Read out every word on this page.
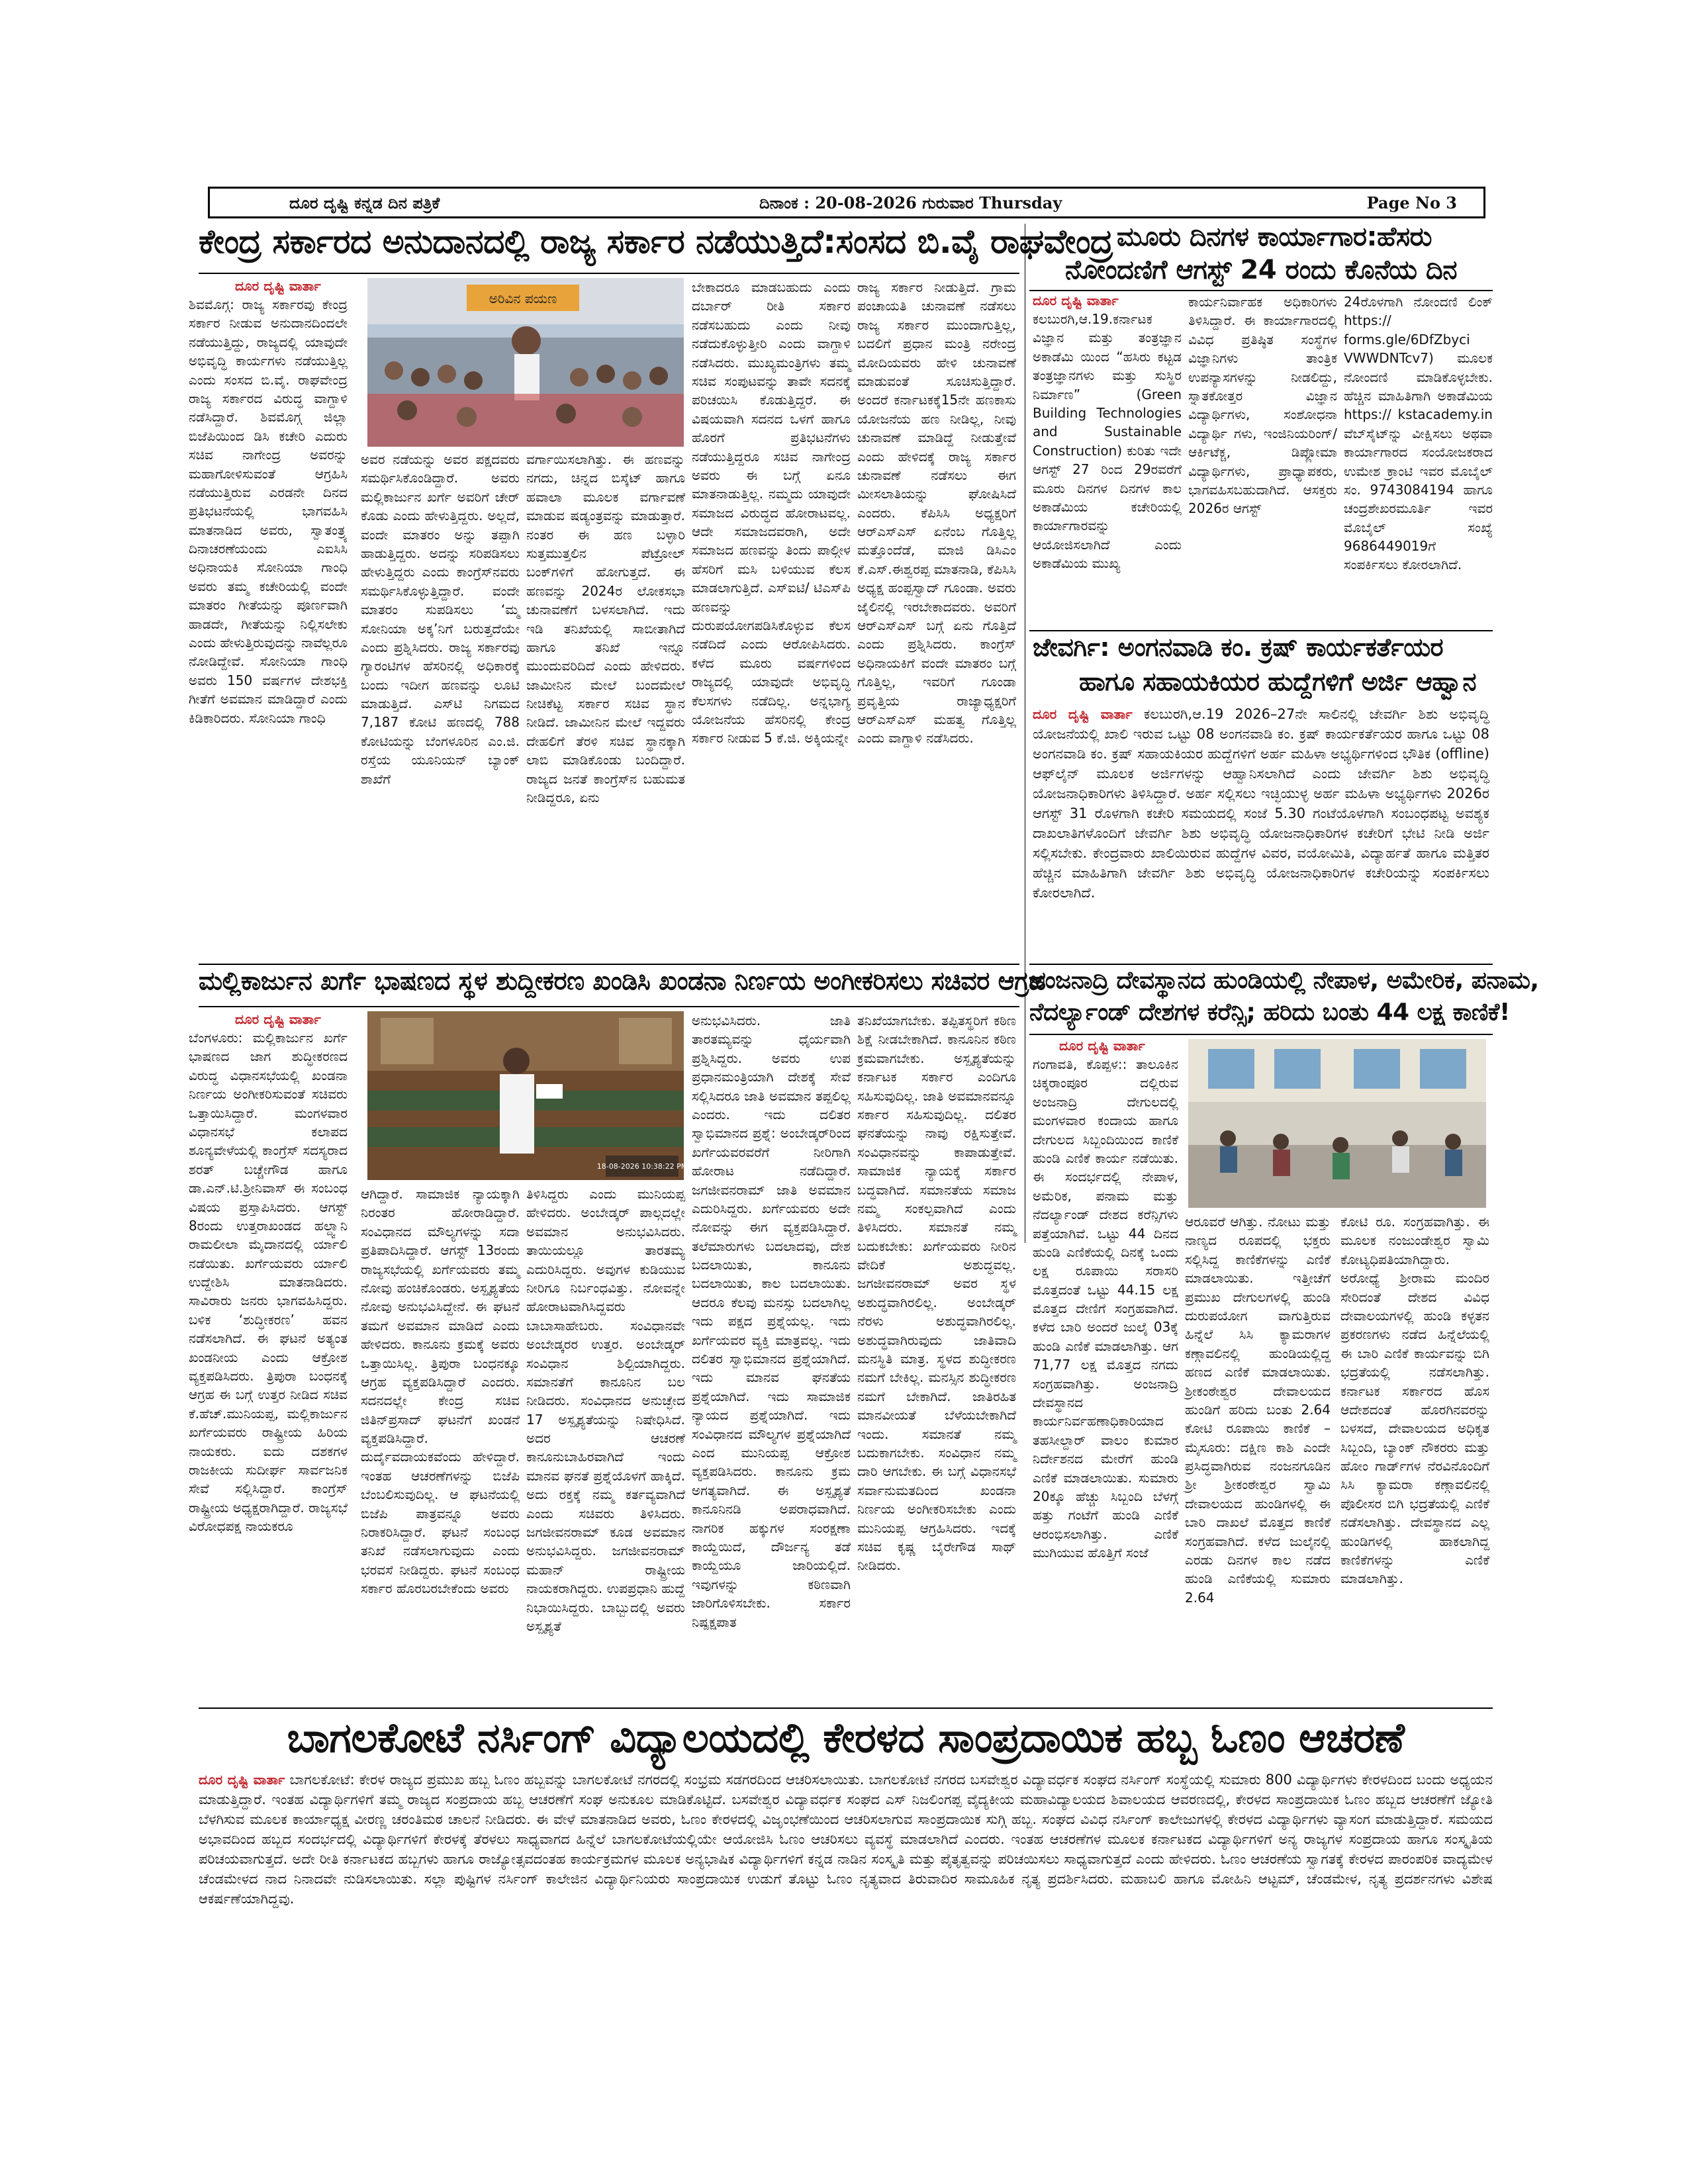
ದೂರ ದೃಷ್ಟಿ ಕನ್ನಡ ದಿನ ಪತ್ರಿಕೆ	ದಿನಾಂಕ : 20-08-2026 ಗುರುವಾರ Thursday	Page No 3
ಕೇಂದ್ರ ಸರ್ಕಾರದ ಅನುದಾನದಲ್ಲಿ ರಾಜ್ಯ ಸರ್ಕಾರ ನಡೆಯುತ್ತಿದೆ:ಸಂಸದ ಬಿ.ವೈ ರಾಘವೇಂದ್ರ
ದೂರ ದೃಷ್ಟಿ ವಾರ್ತಾ
ಶಿವಮೊಗ್ಗ: ರಾಜ್ಯ ಸರ್ಕಾರವು ಕೇಂದ್ರ ಸರ್ಕಾರ ನೀಡುವ ಅನುದಾನದಿಂದಲೇ ನಡೆಯುತ್ತಿದ್ದು, ರಾಜ್ಯದಲ್ಲಿ ಯಾವುದೇ ಅಭಿವೃದ್ಧಿ ಕಾರ್ಯಗಳು ನಡೆಯುತ್ತಿಲ್ಲ ಎಂದು ಸಂಸದ ಬಿ.ವೈ. ರಾಘವೇಂದ್ರ ರಾಜ್ಯ ಸರ್ಕಾರದ ವಿರುದ್ಧ ವಾಗ್ದಾಳಿ ನಡೆಸಿದ್ದಾರೆ. ಶಿವಮೊಗ್ಗ ಜಿಲ್ಲಾ ಬಿಜೆಪಿಯಿಂದ ಡಿಸಿ ಕಚೇರಿ ಎದುರು ಸಚಿವ ನಾಗೇಂದ್ರ ಅವರನ್ನು ಮಹಾಗೋಳಿಸುವಂತೆ ಆಗ್ರಹಿಸಿ ನಡೆಯುತ್ತಿರುವ ಎರಡನೇ ದಿನದ ಪ್ರತಿಭಟನೆಯಲ್ಲಿ ಭಾಗವಹಿಸಿ ಮಾತನಾಡಿದ ಅವರು, ಸ್ವಾತಂತ್ರ್ಯ ದಿನಾಚರಣೆಯಂದು ಎಐಸಿಸಿ ಅಧಿನಾಯಕಿ ಸೋನಿಯಾ ಗಾಂಧಿ ಅವರು ತಮ್ಮ ಕಚೇರಿಯಲ್ಲಿ ವಂದೇ ಮಾತರಂ ಗೀತೆಯನ್ನು ಪೂರ್ಣವಾಗಿ ಹಾಡದೇ, ಗೀತೆಯನ್ನು ನಿಲ್ಲಿಸಲೇಕು ಎಂದು ಹೇಳುತ್ತಿರುವುದನ್ನು ನಾವೆಲ್ಲರೂ ನೋಡಿದ್ದೇವೆ. ಸೋನಿಯಾ ಗಾಂಧಿ ಅವರು 150 ವರ್ಷಗಳ ದೇಶಭಕ್ತಿ ಗೀತೆಗೆ ಅವಮಾನ ಮಾಡಿದ್ದಾರೆ ಎಂದು ಕಿಡಿಕಾರಿದರು. ಸೋನಿಯಾ ಗಾಂಧಿ
ಅರಿವಿನ ಪಯಣ
ಅವರ ನಡೆಯನ್ನು ಅವರ ಪಕ್ಷದವರು ಸಮರ್ಥಿಸಿಕೊಂಡಿದ್ದಾರೆ. ಅವರು ಮಲ್ಲಿಕಾರ್ಜುನ ಖರ್ಗೆ ಅವರಿಗೆ ಚೇರ್ ಕೊಡು ಎಂದು ಹೇಳುತ್ತಿದ್ದರು. ಅಲ್ಲದೆ, ವಂದೇ ಮಾತರಂ ಅನ್ನು ತಪ್ಪಾಗಿ ಹಾಡುತ್ತಿದ್ದರು. ಅದನ್ನು ಸರಿಪಡಿಸಲು ಹೇಳುತ್ತಿದ್ದರು ಎಂದು ಕಾಂಗ್ರೆಸ್‌ನವರು ಸಮರ್ಥಿಸಿಕೊಳ್ಳುತ್ತಿದ್ದಾರೆ. ವಂದೇ ಮಾತರಂ ಸುಪಡಿಸಲು ‘ಮ್ಮ ಸೋನಿಯಾ ಅಕ್ಕ’ನಿಗೆ ಬರುತ್ತದೆಯೇ ಎಂದು ಪ್ರಶ್ನಿಸಿದರು. ರಾಜ್ಯ ಸರ್ಕಾರವು ಗ್ಯಾರಂಟಿಗಳ ಹೆಸರಿನಲ್ಲಿ ಅಧಿಕಾರಕ್ಕೆ ಬಂದು ಇದೀಗ ಹಣವನ್ನು ಲೂಟಿ ಮಾಡುತ್ತಿದೆ. ಎಸ್‌ಟಿ ನಿಗಮದ 7,187 ಕೋಟಿ ಹಣದಲ್ಲಿ 788 ಕೋಟಿಯನ್ನು ಬೆಂಗಳೂರಿನ ಎಂ.ಜಿ. ರಸ್ತೆಯ ಯೂನಿಯನ್ ಬ್ಯಾಂಕ್ ಶಾಖೆಗೆ
ವರ್ಗಾಯಿಸಲಾಗಿತ್ತು. ಈ ಹಣವನ್ನು ನಗದು, ಚಿನ್ನದ ಬಿಸ್ಕೆಟ್ ಹಾಗೂ ಹವಾಲಾ ಮೂಲಕ ವರ್ಗಾವಣೆ ಮಾಡುವ ಷಡ್ಯಂತ್ರವನ್ನು ಮಾಡುತ್ತಾರೆ. ನಂತರ ಈ ಹಣ ಬಳ್ಳಾರಿ ಸುತ್ತಮುತ್ತಲಿನ ಪೆಟ್ರೋಲ್ ಬಂಕ್‌ಗಳಿಗೆ ಹೋಗುತ್ತದೆ. ಈ ಹಣವನ್ನು 2024ರ ಲೋಕಸಭಾ ಚುನಾವಣೆಗೆ ಬಳಸಲಾಗಿದೆ. ಇದು ಇಡಿ ತನಿಖೆಯಲ್ಲಿ ಸಾಬೀತಾಗಿದೆ ಹಾಗೂ ತನಿಖೆ ಇನ್ನೂ ಮುಂದುವರಿದಿದೆ ಎಂದು ಹೇಳಿದರು. ಜಾಮೀನಿನ ಮೇಲೆ ಬಂದಮೇಲೆ ನೀಚಿಕೆಟ್ಟ ಸರ್ಕಾರ ಸಚಿವ ಸ್ಥಾನ ನೀಡಿದೆ. ಜಾಮೀನಿನ ಮೇಲೆ ಇದ್ದವರು ದೇಹಲಿಗೆ ತೆರಳಿ ಸಚಿವ ಸ್ಥಾನಕ್ಕಾಗಿ ಲಾಬಿ ಮಾಡಿಕೊಂಡು ಬಂದಿದ್ದಾರೆ. ರಾಜ್ಯದ ಜನತೆ ಕಾಂಗ್ರೆಸ್‌ನ ಬಹುಮತ ನೀಡಿದ್ದರೂ, ಏನು
ಬೇಕಾದರೂ ಮಾಡಬಹುದು ಎಂದು ದರ್ಬಾರ್ ರೀತಿ ಸರ್ಕಾರ ನಡೆಸಬಹುದು ಎಂದು ನೀವು ನಡೆದುಕೊಳ್ಳುತ್ತೀರಿ ಎಂದು ವಾಗ್ದಾಳಿ ನಡೆಸಿದರು. ಮುಖ್ಯಮಂತ್ರಿಗಳು ತಮ್ಮ ಸಚಿವ ಸಂಪುಟವನ್ನು ತಾವೇ ಸದನಕ್ಕೆ ಪರಿಚಯಿಸಿ ಕೊಡುತ್ತಿದ್ದರೆ. ಈ ವಿಷಯವಾಗಿ ಸದನದ ಒಳಗೆ ಹಾಗೂ ಹೊರಗೆ ಪ್ರತಿಭಟನೆಗಳು ನಡೆಯುತ್ತಿದ್ದರೂ ಸಚಿವ ನಾಗೇಂದ್ರ ಅವರು ಈ ಬಗ್ಗೆ ಏನೂ ಮಾತನಾಡುತ್ತಿಲ್ಲ. ನಮ್ಮದು ಯಾವುದೇ ಸಮಾಜದ ವಿರುದ್ಧದ ಹೋರಾಟವಲ್ಲ. ಆದೇ ಸಮಾಜದವರಾಗಿ, ಅದೇ ಸಮಾಜದ ಹಣವನ್ನು ತಿಂದು ಪಾಲ್ಗೀಳ ಹೆಸರಿಗೆ ಮಸಿ ಬಳಿಯುವ ಕೆಲಸ ಮಾಡಲಾಗುತ್ತಿದೆ. ಎಸ್‌ಐಟಿ/ ಟಿಎಸ್‌ಪಿ ಹಣವನ್ನು ದುರುಪಯೋಗಪಡಿಸಿಕೊಳ್ಳುವ ಕೆಲಸ ನಡೆದಿದೆ ಎಂದು ಆರೋಪಿಸಿದರು. ಕಳೆದ ಮೂರು ವರ್ಷಗಳಿಂದ ರಾಜ್ಯದಲ್ಲಿ ಯಾವುದೇ ಅಭಿವೃದ್ಧಿ ಕೆಲಸಗಳು ನಡೆದಿಲ್ಲ. ಅನ್ನಭಾಗ್ಯ ಯೋಜನೆಯ ಹೆಸರಿನಲ್ಲಿ ಕೇಂದ್ರ ಸರ್ಕಾರ ನೀಡುವ 5 ಕೆ.ಜಿ. ಅಕ್ಕಿಯನ್ನೇ
ರಾಜ್ಯ ಸರ್ಕಾರ ನೀಡುತ್ತಿದೆ. ಗ್ರಾಮ ಪಂಚಾಯತಿ ಚುನಾವಣೆ ನಡೆಸಲು ರಾಜ್ಯ ಸರ್ಕಾರ ಮುಂದಾಗುತ್ತಿಲ್ಲ, ಬದಲಿಗೆ ಪ್ರಧಾನ ಮಂತ್ರಿ ನರೇಂದ್ರ ಮೋದಿಯವರು ಹೇಳಿ ಚುನಾವಣೆ ಮಾಡುವಂತೆ ಸೂಚಿಸುತ್ತಿದ್ದಾರೆ. ಅಂದರೆ ಕರ್ನಾಟಕಕ್ಕೆ15ನೇ ಹಣಕಾಸು ಯೋಜನೆಯ ಹಣ ನೀಡಿಲ್ಲ, ನೀವು ಚುನಾವಣೆ ಮಾಡಿದ್ದೆ ನೀಡುತ್ತೇವೆ ಎಂದು ಹೇಳಿದಕ್ಕೆ ರಾಜ್ಯ ಸರ್ಕಾರ ಚುನಾವಣೆ ನಡೆಸಲು ಈಗ ಮೀಸಲಾತಿಯನ್ನು ಘೋಷಿಸಿದೆ ಎಂದರು. ಕೆಪಿಸಿಸಿ ಅಧ್ಯಕ್ಷರಿಗೆ ಆರ್‌ಎಸ್‌ಎಸ್ ಏನೆಂಬ ಗೊತ್ತಿಲ್ಲ ಮತ್ತೊಂದೆಡೆ, ಮಾಜಿ ಡಿಸಿಎಂ ಕೆ.ಎಸ್.ಈಶ್ವರಪ್ಪ ಮಾತನಾಡಿ, ಕೆಪಿಸಿಸಿ ಅಧ್ಯಕ್ಷ ಹಂಪ್ಪಸ್ವಾದ್ ಗೂಂಡಾ. ಅವರು ಜೈಲಿನಲ್ಲಿ ಇರಬೇಕಾದವರು. ಅವರಿಗೆ ಆರ್‌ಎಸ್‌ಎಸ್ ಬಗ್ಗೆ ಏನು ಗೊತ್ತಿದೆ ಎಂದು ಪ್ರಶ್ನಿಸಿದರು. ಕಾಂಗ್ರೆಸ್ ಅಧಿನಾಯಕಿಗೆ ವಂದೇ ಮಾತರಂ ಬಗ್ಗೆ ಗೊತ್ತಿಲ್ಲ, ಇವರಿಗೆ ಗೂಂಡಾ ಪ್ರವೃತ್ತಿಯ ರಾಜ್ಯಾಧ್ಯಕ್ಷರಿಗೆ ಆರ್‌ಎಸ್‌ಎಸ್ ಮಹತ್ವ ಗೊತ್ತಿಲ್ಲ ಎಂದು ವಾಗ್ದಾಳಿ ನಡೆಸಿದರು.
ಮೂರು ದಿನಗಳ ಕಾರ್ಯಾಗಾರ:ಹೆಸರು
ನೋಂದಣಿಗೆ ಆಗಸ್ಟ್ 24 ರಂದು ಕೊನೆಯ ದಿನ
ದೂರ ದೃಷ್ಟಿ ವಾರ್ತಾ
ಕಲಬುರಗಿ,ಆ.19.ಕರ್ನಾಟಕ ವಿಜ್ಞಾನ ಮತ್ತು ತಂತ್ರಜ್ಞಾನ ಅಕಾಡೆಮಿ ಯಿಂದ “ಹಸಿರು ಕಟ್ಟಡ ತಂತ್ರಜ್ಞಾನಗಳು ಮತ್ತು ಸುಸ್ಥಿರ ನಿರ್ಮಾಣ” (Green Building Technologies and Sustainable Construction) ಕುರಿತು ಇದೇ ಆಗಸ್ಟ್ 27 ರಿಂದ 29ರವರೆಗೆ ಮೂರು ದಿನಗಳ ದಿನಗಳ ಕಾಲ ಅಕಾಡೆಮಿಯ ಕಚೇರಿಯಲ್ಲಿ ಕಾರ್ಯಾಗಾರವನ್ನು ಆಯೋಜಿಸಲಾಗಿದೆ ಎಂದು ಅಕಾಡೆಮಿಯ ಮುಖ್ಯ
ಕಾರ್ಯನಿರ್ವಾಹಕ ಅಧಿಕಾರಿಗಳು ತಿಳಿಸಿದ್ದಾರೆ. ಈ ಕಾರ್ಯಾಗಾರದಲ್ಲಿ ವಿವಿಧ ಪ್ರತಿಷ್ಠಿತ ಸಂಸ್ಥೆಗಳ ವಿಜ್ಞಾನಿಗಳು ತಾಂತ್ರಿಕ ಉಪನ್ಯಾಸಗಳನ್ನು ನೀಡಲಿದ್ದು, ಸ್ನಾತಕೋತ್ತರ ವಿಜ್ಞಾನ ವಿದ್ಯಾರ್ಥಿಗಳು, ಸಂಶೋಧನಾ ವಿದ್ಯಾರ್ಥಿ ಗಳು, ಇಂಜಿನಿಯರಿಂಗ್/ ಆರ್ಕಿಟೆಕ್ಚ, ಡಿಪ್ಲೋಮಾ ವಿದ್ಯಾರ್ಥಿಗಳು, ಪ್ರಾಧ್ಯಾಪಕರು, ಭಾಗವಹಿಸಬಹುದಾಗಿದೆ. ಆಸಕ್ತರು 2026ರ ಆಗಸ್ಟ್
24ರೊಳಗಾಗಿ ನೋಂದಣಿ ಲಿಂಕ್ https:// forms.gle/6DfZbyci VWWDNTcv7) ಮೂಲಕ ನೋಂದಣಿ ಮಾಡಿಕೊಳ್ಳಬೇಕು. ಹೆಚ್ಚಿನ ಮಾಹಿತಿಗಾಗಿ ಅಕಾಡೆಮಿಯ https:// kstacademy.in ವೆಬ್‌ಸೈಟ್‌ನ್ನು ವೀಕ್ಷಿಸಲು ಅಥವಾ ಕಾರ್ಯಾಗಾರದ ಸಂಯೋಜಕರಾದ ಉಮೇಶ ಕ್ರಾಂಟಿ ಇವರ ಮೊಬೈಲ್ ಸಂ. 9743084194 ಹಾಗೂ ಚಂದ್ರಶೇಖರಮೂರ್ತಿ ಇವರ ಮೊಬೈಲ್ ಸಂಖ್ಯೆ 9686449019ಗೆ ಸಂಪರ್ಕಿಸಲು ಕೋರಲಾಗಿದೆ.
ಜೇವರ್ಗಿ: ಅಂಗನವಾಡಿ ಕಂ. ಕ್ರಷ್ ಕಾರ್ಯಕರ್ತೆಯರ
ಹಾಗೂ ಸಹಾಯಕಿಯರ ಹುದ್ದೆಗಳಿಗೆ ಅರ್ಜಿ ಆಹ್ವಾನ
ದೂರ ದೃಷ್ಟಿ ವಾರ್ತಾ ಕಲಬುರಗಿ,ಆ.19 2026–27ನೇ ಸಾಲಿನಲ್ಲಿ ಜೇವರ್ಗಿ ಶಿಶು ಅಭಿವೃದ್ಧಿ ಯೋಜನೆಯಲ್ಲಿ ಖಾಲಿ ಇರುವ ಒಟ್ಟು 08 ಅಂಗನವಾಡಿ ಕಂ. ಕ್ರಷ್ ಕಾರ್ಯಕರ್ತೆಯರ ಹಾಗೂ ಒಟ್ಟು 08 ಅಂಗನವಾಡಿ ಕಂ. ಕ್ರಷ್ ಸಹಾಯಕಿಯರ ಹುದ್ದೆಗಳಿಗೆ ಅರ್ಹ ಮಹಿಳಾ ಅಭ್ಯರ್ಥಿಗಳಿಂದ ಭೌತಿಕ (offline) ಆಫ್‌ಲೈನ್ ಮೂಲಕ ಅರ್ಜಿಗಳನ್ನು ಆಹ್ವಾನಿಸಲಾಗಿದೆ ಎಂದು ಜೇವರ್ಗಿ ಶಿಶು ಅಭಿವೃದ್ಧಿ ಯೋಜನಾಧಿಕಾರಿಗಳು ತಿಳಿಸಿದ್ದಾರೆ. ಅರ್ಹ ಸಲ್ಲಿಸಲು ಇಚ್ಛಿಯುಳ್ಳ ಅರ್ಹ ಮಹಿಳಾ ಅಭ್ಯರ್ಥಿಗಳು 2026ರ ಆಗಸ್ಟ್ 31 ರೊಳಗಾಗಿ ಕಚೇರಿ ಸಮಯದಲ್ಲಿ ಸಂಜೆ 5.30 ಗಂಟೆಯೊಳಗಾಗಿ ಸಂಬಂಧಪಟ್ಟ ಅವಶ್ಯಕ ದಾಖಲಾತಿಗಳೊಂದಿಗೆ ಜೇವರ್ಗಿ ಶಿಶು ಅಭಿವೃದ್ಧಿ ಯೋಜನಾಧಿಕಾರಿಗಳ ಕಚೇರಿಗೆ ಭೇಟಿ ನೀಡಿ ಅರ್ಜಿ ಸಲ್ಲಿಸಬೇಕು. ಕೇಂದ್ರವಾರು ಖಾಲಿಯಿರುವ ಹುದ್ದೆಗಳ ವಿವರ, ವಯೋಮಿತಿ, ವಿದ್ಯಾರ್ಹತೆ ಹಾಗೂ ಮತ್ತಿತರ ಹೆಚ್ಚಿನ ಮಾಹಿತಿಗಾಗಿ ಜೇವರ್ಗಿ ಶಿಶು ಅಭಿವೃದ್ಧಿ ಯೋಜನಾಧಿಕಾರಿಗಳ ಕಚೇರಿಯನ್ನು ಸಂಪರ್ಕಿಸಲು ಕೋರಲಾಗಿದೆ.
ಮಲ್ಲಿಕಾರ್ಜುನ ಖರ್ಗೆ ಭಾಷಣದ ಸ್ಥಳ ಶುದ್ದೀಕರಣ ಖಂಡಿಸಿ ಖಂಡನಾ ನಿರ್ಣಯ ಅಂಗೀಕರಿಸಲು ಸಚಿವರ ಆಗ್ರಹ
ದೂರ ದೃಷ್ಟಿ ವಾರ್ತಾ
ಬೆಂಗಳೂರು: ಮಲ್ಲಿಕಾರ್ಜುನ ಖರ್ಗೆ ಭಾಷಣದ ಜಾಗ ಶುದ್ಧೀಕರಣದ ವಿರುದ್ಧ ವಿಧಾನಸಭೆಯಲ್ಲಿ ಖಂಡನಾ ನಿರ್ಣಯ ಅಂಗೀಕರಿಸುವಂತೆ ಸಚಿವರು ಒತ್ತಾಯಿಸಿದ್ದಾರೆ. ಮಂಗಳವಾರ ವಿಧಾನಸಭೆ ಕಲಾಪದ ಶೂನ್ಯವೇಳೆಯಲ್ಲಿ ಕಾಂಗ್ರೆಸ್ ಸದಸ್ಯರಾದ ಶರತ್ ಬಚ್ಚೇಗೌಡ ಹಾಗೂ ಡಾ.ಎನ್.ಟಿ.ಶ್ರೀನಿವಾಸ್ ಈ ಸಂಬಂಧ ವಿಷಯ ಪ್ರಸ್ತಾಪಿಸಿದರು. ಆಗಸ್ಟ್ 8ರಂದು ಉತ್ತರಾಖಂಡದ ಹಲ್ದ್ವಾನಿ ರಾಮಲೀಲಾ ಮೈದಾನದಲ್ಲಿ ರ್ಯಾಲಿ ನಡೆಯಿತು. ಖರ್ಗೆಯವರು ರ್ಯಾಲಿ ಉದ್ದೇಶಿಸಿ ಮಾತನಾಡಿದರು. ಸಾವಿರಾರು ಜನರು ಭಾಗವಹಿಸಿದ್ದರು. ಬಳಿಕ ‘ಶುದ್ಧೀಕರಣ’ ಹವನ ನಡೆಸಲಾಗಿದೆ. ಈ ಘಟನೆ ಅತ್ಯಂತ ಖಂಡನೀಯ ಎಂದು ಆಕ್ರೋಶ ವ್ಯಕ್ತಪಡಿಸಿದರು. ತ್ರಿಪುರಾ ಬಂಧನಕ್ಕೆ ಆಗ್ರಹ ಈ ಬಗ್ಗೆ ಉತ್ತರ ನೀಡಿದ ಸಚಿವ ಕೆ.ಹೆಚ್.ಮುನಿಯಪ್ಪ, ಮಲ್ಲಿಕಾರ್ಜುನ ಖರ್ಗೆಯವರು ರಾಷ್ಟ್ರೀಯ ಹಿರಿಯ ನಾಯಕರು. ಐದು ದಶಕಗಳ ರಾಜಕೀಯ ಸುದೀರ್ಘ ಸಾರ್ವಜನಿಕ ಸೇವೆ ಸಲ್ಲಿಸಿದ್ದಾರೆ. ಕಾಂಗ್ರೆಸ್ ರಾಷ್ಟ್ರೀಯ ಅಧ್ಯಕ್ಷರಾಗಿದ್ದಾರೆ. ರಾಜ್ಯಸಭೆ ವಿರೋಧಪಕ್ಷ ನಾಯಕರೂ
18-08-2026 10:38:22 PM
ಆಗಿದ್ದಾರೆ. ಸಾಮಾಜಿಕ ನ್ಯಾಯಕ್ಕಾಗಿ ನಿರಂತರ ಹೋರಾಡಿದ್ದಾರೆ. ಸಂವಿಧಾನದ ಮೌಲ್ಯಗಳನ್ನು ಸದಾ ಪ್ರತಿಪಾದಿಸಿದ್ದಾರೆ. ಆಗಸ್ಟ್ 13ರಂದು ರಾಜ್ಯಸಭೆಯಲ್ಲಿ ಖರ್ಗೆಯವರು ತಮ್ಮ ನೋವು ಹಂಚಿಕೊಂಡರು. ಅಸ್ಪೃಶ್ಯತೆಯ ನೋವು ಅನುಭವಿಸಿದ್ದೇನೆ. ಈ ಘಟನೆ ತಮಗೆ ಅವಮಾನ ಮಾಡಿದೆ ಎಂದು ಹೇಳಿದರು. ಕಾನೂನು ಕ್ರಮಕ್ಕೆ ಅವರು ಒತ್ತಾಯಿಸಿಲ್ಲ. ತ್ರಿಪುರಾ ಬಂಧನಕ್ಕೂ ಆಗ್ರಹ ವ್ಯಕ್ತಪಡಿಸಿದ್ದಾರೆ ಎಂದರು. ಸದನದಲ್ಲೇ ಕೇಂದ್ರ ಸಚಿವ ಜಿತಿನ್‌ಪ್ರಸಾದ್ ಘಟನೆಗೆ ಖಂಡನೆ ವ್ಯಕ್ತಪಡಿಸಿದ್ದಾರೆ. ದುರ್ದೈವದಾಯಕವೆಂದು ಹೇಳಿದ್ದಾರೆ. ಇಂತಹ ಆಚರಣೆಗಳನ್ನು ಬಿಜೆಪಿ ಬೆಂಬಲಿಸುವುದಿಲ್ಲ. ಆ ಘಟನೆಯಲ್ಲಿ ಬಿಜೆಪಿ ಪಾತ್ರವನ್ನೂ ಅವರು ನಿರಾಕರಿಸಿದ್ದಾರೆ. ಘಟನೆ ಸಂಬಂಧ ತನಿಖೆ ನಡೆಸಲಾಗುವುದು ಎಂದು ಭರವಸೆ ನೀಡಿದ್ದರು. ಘಟನೆ ಸಂಬಂಧ ಸರ್ಕಾರ ಹೊರಬರಬೇಕೆಂದು ಅವರು
ತಿಳಿಸಿದ್ದರು ಎಂದು ಮುನಿಯಪ್ಪ ಹೇಳಿದರು. ಅಂಬೇಡ್ಕರ್ ಪಾಲ್ಗದಲ್ಲೇ ಅವಮಾನ ಅನುಭವಿಸಿದರು. ತಾಯಿಯಲ್ಲೂ ತಾರತಮ್ಯ ಎದುರಿಸಿದ್ದರು. ಅವುಗಳ ಕುಡಿಯುವ ನೀರಿಗೂ ನಿರ್ಬಂಧವಿತ್ತು. ನೋವನ್ನೇ ಹೋರಾಟವಾಗಿಸಿದ್ದವರು ಬಾಬಾಸಾಹೇಬರು. ಸಂವಿಧಾನವೇ ಅಂಬೇಡ್ಕರರ ಉತ್ತರ. ಅಂಬೇಡ್ಕರ್ ಸಂವಿಧಾನ ಶಿಲ್ಪಿಯಾಗಿದ್ದರು. ಸಮಾನತೆಗೆ ಕಾನೂನಿನ ಬಲ ನೀಡಿದರು. ಸಂವಿಧಾನದ ಅನುಚ್ಛೇದ 17 ಅಸ್ಪೃಶ್ಯತೆಯನ್ನು ನಿಷೇಧಿಸಿದೆ. ಅದರ ಆಚರಣೆ ಕಾನೂನುಬಾಹಿರವಾಗಿದೆ ಇಂದು ಮಾನವ ಘನತೆ ಪ್ರಶ್ನೆಯೊಳಗೆ ಹಾಕ್ಕಿದೆ. ಅದು ರಕ್ತಕ್ಕೆ ನಮ್ಮ ಕರ್ತವ್ಯವಾಗಿದೆ ಎಂದು ಸಚಿವರು ತಿಳಿಸಿದರು. ಜಗಜೀವನರಾಮ್ ಕೂಡ ಅವಮಾನ ಅನುಭವಿಸಿದ್ದರು. ಜಗಜೀವನರಾಮ್ ಮಹಾನ್ ರಾಷ್ಟ್ರೀಯ ನಾಯಕರಾಗಿದ್ದರು. ಉಪಪ್ರಧಾನಿ ಹುದ್ದೆ ನಿಭಾಯಿಸಿದ್ದರು. ಬಾಬ್ಬುದಲ್ಲಿ ಅವರು ಅಸ್ಪೃಶ್ಯತೆ
ಅನುಭವಿಸಿದರು. ಜಾತಿ ತಾರತಮ್ಯವನ್ನು ಧೈರ್ಯವಾಗಿ ಪ್ರಶ್ನಿಸಿದ್ದರು. ಅವರು ಉಪ ಪ್ರಧಾನಮಂತ್ರಿಯಾಗಿ ದೇಶಕ್ಕೆ ಸೇವೆ ಸಲ್ಲಿಸಿದರೂ ಜಾತಿ ಅವಮಾನ ತಪ್ಪಲಿಲ್ಲ ಎಂದರು. ಇದು ದಲಿತರ ಸ್ವಾಭಿಮಾನದ ಪ್ರಶ್ನೆ: ಅಂಬೇಡ್ಕರ್‌ರಿಂದ ಖರ್ಗೆಯವರವರೆಗೆ ನೀರಿಗಾಗಿ ಹೋರಾಟ ನಡೆದಿದ್ದಾರೆ. ಜಗಜೀವನರಾಮ್ ಜಾತಿ ಅವಮಾನ ಎದುರಿಸಿದ್ದರು. ಖರ್ಗೆಯವರು ಅದೇ ನೋವನ್ನು ಈಗ ವ್ಯಕ್ತಪಡಿಸಿದ್ದಾರೆ. ತಲೆಮಾರುಗಳು ಬದಲಾದವು, ದೇಶ ಬದಲಾಯಿತು, ಕಾನೂನು ಬದಲಾಯಿತು, ಕಾಲ ಬದಲಾಯಿತು. ಆದರೂ ಕೆಲವು ಮನಸ್ಸು ಬದಲಾಗಿಲ್ಲ ಇದು ಪಕ್ಷದ ಪ್ರಶ್ನೆಯಲ್ಲ. ಇದು ಖರ್ಗೆಯವರ ವ್ಯಕ್ತಿ ಮಾತ್ರವಲ್ಲ. ಇದು ದಲಿತರ ಸ್ವಾಭಿಮಾನದ ಪ್ರಶ್ನೆಯಾಗಿದೆ. ಇದು ಮಾನವ ಘನತೆಯ ಪ್ರಶ್ನೆಯಾಗಿದೆ. ಇದು ಸಾಮಾಜಿಕ ನ್ಯಾಯದ ಪ್ರಶ್ನೆಯಾಗಿದೆ. ಇದು ಸಂವಿಧಾನದ ಮೌಲ್ಯಗಳ ಪ್ರಶ್ನೆಯಾಗಿದೆ ಎಂದ ಮುನಿಯಪ್ಪ ಆಕ್ರೋಶ ವ್ಯಕ್ತಪಡಿಸಿದರು. ಕಾನೂನು ಕ್ರಮ ಅಗತ್ಯವಾಗಿದೆ. ಈ ಅಸ್ಪೃಶ್ಯತೆ ಕಾನೂನಿನಡಿ ಅಪರಾಧವಾಗಿದೆ. ನಾಗರಿಕ ಹಕ್ಕುಗಳ ಸಂರಕ್ಷಣಾ ಕಾಯ್ದೆಯಿದೆ, ದೌರ್ಜನ್ಯ ತಡೆ ಕಾಯ್ದೆಯೂ ಜಾರಿಯಲ್ಲಿದೆ. ಇವುಗಳನ್ನು ಕಠಿಣವಾಗಿ ಜಾರಿಗೊಳಿಸಬೇಕು. ಸರ್ಕಾರ ನಿಷ್ಪಕ್ಷಪಾತ
ತನಿಖೆಯಾಗಬೇಕು. ತಪ್ಪಿತಸ್ಥರಿಗೆ ಕಠಿಣ ಶಿಕ್ಷೆ ನೀಡಬೇಕಾಗಿದೆ. ಕಾನೂನಿನ ಕಠಿಣ ಕ್ರಮವಾಗಬೇಕು. ಅಸ್ಪೃಶ್ಯತೆಯನ್ನು ಕರ್ನಾಟಕ ಸರ್ಕಾರ ಎಂದಿಗೂ ಸಹಿಸುವುದಿಲ್ಲ. ಜಾತಿ ಅವಮಾನವನ್ನೂ ಸರ್ಕಾರ ಸಹಿಸುವುದಿಲ್ಲ. ದಲಿತರ ಘನತೆಯನ್ನು ನಾವು ರಕ್ಷಿಸುತ್ತೇವೆ. ಸಂವಿಧಾನವನ್ನು ಕಾಪಾಡುತ್ತೇವೆ. ಸಾಮಾಜಿಕ ನ್ಯಾಯಕ್ಕೆ ಸರ್ಕಾರ ಬದ್ಧವಾಗಿದೆ. ಸಮಾನತೆಯ ಸಮಾಜ ನಮ್ಮ ಸಂಕಲ್ಪವಾಗಿದೆ ಎಂದು ತಿಳಿಸಿದರು. ಸಮಾನತೆ ನಮ್ಮ ಬದುಕಬೇಕು: ಖರ್ಗೆಯವರು ನೀರಿನ ವೇದಿಕೆ ಅಶುದ್ಧವಲ್ಲ. ಜಗಜೀವನರಾಮ್ ಅವರ ಸ್ಥಳ ಅಶುದ್ಧವಾಗಿರಲಿಲ್ಲ. ಅಂಬೇಡ್ಕರ್ ನೆರಳು ಅಶುದ್ಧವಾಗಿರಲಿಲ್ಲ. ಅಶುದ್ಧವಾಗಿರುವುದು ಜಾತಿವಾದಿ ಮನಸ್ಥಿತಿ ಮಾತ್ರ. ಸ್ಥಳದ ಶುದ್ಧೀಕರಣ ನಮಗೆ ಬೇಕಿಲ್ಲ. ಮನಸ್ಸಿನ ಶುದ್ಧೀಕರಣ ನಮಗೆ ಬೇಕಾಗಿದೆ. ಜಾತಿರಹಿತ ಮಾನವೀಯತೆ ಬೆಳೆಯಬೇಕಾಗಿದೆ ಇಂದು. ಸಮಾನತೆ ನಮ್ಮ ಬದುಕಾಗಬೇಕು. ಸಂವಿಧಾನ ನಮ್ಮ ದಾರಿ ಆಗಬೇಕು. ಈ ಬಗ್ಗೆ ವಿಧಾನಸಭೆ ಸರ್ವಾನುಮತದಿಂದ ಖಂಡನಾ ನಿರ್ಣಯ ಅಂಗೀಕರಿಸಬೇಕು ಎಂದು ಮುನಿಯಪ್ಪ ಆಗ್ರಹಿಸಿದರು. ಇದಕ್ಕೆ ಸಚಿವ ಕೃಷ್ಣ ಬೈರೇಗೌಡ ಸಾಥ್ ನೀಡಿದರು.
ಅಂಜನಾದ್ರಿ ದೇವಸ್ಥಾನದ ಹುಂಡಿಯಲ್ಲಿ ನೇಪಾಳ, ಅಮೇರಿಕ, ಪನಾಮ,
ನೆದರ್ಲ್ಯಾಂಡ್ ದೇಶಗಳ ಕರೆನ್ಸಿ; ಹರಿದು ಬಂತು 44 ಲಕ್ಷ ಕಾಣಿಕೆ!
ದೂರ ದೃಷ್ಟಿ ವಾರ್ತಾ
ಗಂಗಾವತಿ, ಕೊಪ್ಪಳ:: ತಾಲೂಕಿನ ಚಿಕ್ಕರಾಂಪೂರ ದಲ್ಲಿರುವ ಅಂಜನಾದ್ರಿ ದೇಗುಲದಲ್ಲಿ ಮಂಗಳವಾರ ಕಂದಾಯ ಹಾಗೂ ದೇಗುಲದ ಸಿಬ್ಬಂದಿಯಿಂದ ಕಾಣಿಕೆ ಹುಂಡಿ ಎಣಿಕೆ ಕಾರ್ಯ ನಡೆಯಿತು. ಈ ಸಂದರ್ಭದಲ್ಲಿ ನೇಪಾಳ, ಅಮೆರಿಕ, ಪನಾಮ ಮತ್ತು ನೆದರ್ಲ್ಯಾಂಡ್ ದೇಶದ ಕರೆನ್ಸಿಗಳು ಪತ್ತೆಯಾಗಿವೆ. ಒಟ್ಟು 44 ದಿನದ ಹುಂಡಿ ಎಣಿಕೆಯಲ್ಲಿ ದಿನಕ್ಕೆ ಒಂದು ಲಕ್ಷ ರೂಪಾಯಿ ಸರಾಸರಿ ಮೊತ್ತದಂತೆ ಒಟ್ಟು 44.15 ಲಕ್ಷ ಮೊತ್ತದ ದೇಣಿಗೆ ಸಂಗ್ರಹವಾಗಿದೆ. ಕಳೆದ ಬಾರಿ ಅಂದರೆ ಜುಲೈ 03ಕ್ಕೆ ಹುಂಡಿ ಎಣಿಕೆ ಮಾಡಲಾಗಿತ್ತು. ಆಗ 71,77 ಲಕ್ಷ ಮೊತ್ತದ ನಗದು ಸಂಗ್ರಹವಾಗಿತ್ತು. ಅಂಜನಾದ್ರಿ ದೇವಸ್ಥಾನದ ಕಾರ್ಯನಿರ್ವಹಣಾಧಿಕಾರಿಯಾದ ತಹಸೀಲ್ದಾರ್ ವಾಲಂ ಕುಮಾರ ನಿರ್ದೇಶನದ ಮೇರೆಗೆ ಹುಂಡಿ ಎಣಿಕೆ ಮಾಡಲಾಯಿತು. ಸುಮಾರು 20ಕ್ಕೂ ಹೆಚ್ಚು ಸಿಬ್ಬಂದಿ ಬೆಳಗ್ಗೆ ಹತ್ತು ಗಂಟೆಗೆ ಹುಂಡಿ ಎಣಿಕೆ ಆರಂಭಿಸಲಾಗಿತ್ತು. ಎಣಿಕೆ ಮುಗಿಯುವ ಹೊತ್ತಿಗೆ ಸಂಜೆ
ಆರೂವರೆ ಆಗಿತ್ತು. ನೋಟು ಮತ್ತು ನಾಣ್ಯದ ರೂಪದಲ್ಲಿ ಭಕ್ತರು ಸಲ್ಲಿಸಿದ್ದ ಕಾಣಿಕೆಗಳನ್ನು ಎಣಿಕೆ ಮಾಡಲಾಯಿತು. ಇತ್ತೀಚೆಗೆ ಪ್ರಮುಖ ದೇಗುಲಗಳಲ್ಲಿ ಹುಂಡಿ ದುರುಪಯೋಗ ವಾಗುತ್ತಿರುವ ಹಿನ್ನೆಲೆ ಸಿಸಿ ಕ್ಯಾಮರಾಗಳ ಕಣ್ಗಾವಲಿನಲ್ಲಿ ಹುಂಡಿಯಲ್ಲಿದ್ದ ಹಣದ ಎಣಿಕೆ ಮಾಡಲಾಯಿತು. ಶ್ರೀಕಂಠೇಶ್ವರ ದೇವಾಲಯದ ಹುಂಡಿಗೆ ಹರಿದು ಬಂತು 2.64 ಕೋಟಿ ರೂಪಾಯಿ ಕಾಣಿಕೆ – ಮೈಸೂರು: ದಕ್ಷಿಣ ಕಾಶಿ ಎಂದೇ ಪ್ರಸಿದ್ಧವಾಗಿರುವ ನಂಜನಗೂಡಿನ ಶ್ರೀ ಶ್ರೀಕಂಠೇಶ್ವರ ಸ್ವಾಮಿ ದೇವಾಲಯದ ಹುಂಡಿಗಳಲ್ಲಿ ಈ ಬಾರಿ ದಾಖಲೆ ಮೊತ್ತದ ಕಾಣಿಕೆ ಸಂಗ್ರಹವಾಗಿದೆ. ಕಳೆದ ಜುಲೈನಲ್ಲಿ ಎರಡು ದಿನಗಳ ಕಾಲ ನಡೆದ ಹುಂಡಿ ಎಣಿಕೆಯಲ್ಲಿ ಸುಮಾರು 2.64
ಕೋಟಿ ರೂ. ಸಂಗ್ರಹವಾಗಿತ್ತು. ಈ ಮೂಲಕ ನಂಜುಂಡೇಶ್ವರ ಸ್ವಾಮಿ ಕೋಟ್ಯಧಿಪತಿಯಾಗಿದ್ದಾರು. ಅರೋಧ್ಯೆ ಶ್ರೀರಾಮ ಮಂದಿರ ಸೇರಿದಂತೆ ದೇಶದ ವಿವಿಧ ದೇವಾಲಯಗಳಲ್ಲಿ ಹುಂಡಿ ಕಳ್ಳತನ ಪ್ರಕರಣಗಳು ನಡೆದ ಹಿನ್ನೆಲೆಯಲ್ಲಿ ಈ ಬಾರಿ ಎಣಿಕೆ ಕಾರ್ಯವನ್ನು ಬಿಗಿ ಭದ್ರತೆಯಲ್ಲಿ ನಡೆಸಲಾಗಿತ್ತು. ಕರ್ನಾಟಕ ಸರ್ಕಾರದ ಹೊಸ ಆದೇಶದಂತೆ ಹೊರಗಿನವರನ್ನು ಬಳಸದೆ, ದೇವಾಲಯದ ಅಧಿಕೃತ ಸಿಬ್ಬಂದಿ, ಬ್ಯಾಂಕ್ ನೌಕರರು ಮತ್ತು ಹೋಂ ಗಾರ್ಡ್‌ಗಳ ನೆರವಿನೊಂದಿಗೆ ಸಿಸಿ ಕ್ಯಾಮರಾ ಕಣ್ಗಾವಲಿನಲ್ಲಿ ಪೊಲೀಸರ ಬಿಗಿ ಭದ್ರತೆಯಲ್ಲಿ ಎಣಿಕೆ ನಡೆಸಲಾಗಿತ್ತು. ದೇವಸ್ಥಾನದ ಎಲ್ಲ ಹುಂಡಿಗಳಲ್ಲಿ ಹಾಕಲಾಗಿದ್ದ ಕಾಣಿಕೆಗಳನ್ನು ಎಣಿಕೆ ಮಾಡಲಾಗಿತ್ತು.
ಬಾಗಲಕೋಟೆ ನರ್ಸಿಂಗ್ ವಿದ್ಯಾಲಯದಲ್ಲಿ ಕೇರಳದ ಸಾಂಪ್ರದಾಯಿಕ ಹಬ್ಬ ಓಣಂ ಆಚರಣೆ
ದೂರ ದೃಷ್ಟಿ ವಾರ್ತಾ ಬಾಗಲಕೋಟೆ: ಕೇರಳ ರಾಜ್ಯದ ಪ್ರಮುಖ ಹಬ್ಬ ಓಣಂ ಹಬ್ಬವನ್ನು ಬಾಗಲಕೋಟೆ ನಗರದಲ್ಲಿ ಸಂಭ್ರಮ ಸಡಗರದಿಂದ ಆಚರಿಸಲಾಯಿತು. ಬಾಗಲಕೋಟೆ ನಗರದ ಬಸವೇಶ್ವರ ವಿದ್ಯಾವರ್ಧಕ ಸಂಘದ ನರ್ಸಿಂಗ್ ಸಂಸ್ಥೆಯಲ್ಲಿ ಸುಮಾರು 800 ವಿದ್ಯಾರ್ಥಿಗಳು ಕೇರಳದಿಂದ ಬಂದು ಅಧ್ಯಯನ ಮಾಡುತ್ತಿದ್ದಾರೆ. ಇಂತಹ ವಿದ್ಯಾರ್ಥಿಗಳಿಗೆ ತಮ್ಮ ರಾಜ್ಯದ ಸಂಪ್ರದಾಯ ಹಬ್ಬ ಆಚರಣೆಗೆ ಸಂಘ ಅನುಕೂಲ ಮಾಡಿಕೊಟ್ಟಿದೆ. ಬಸವೇಶ್ವರ ವಿದ್ಯಾವರ್ಧಕ ಸಂಘದ ಎಸ್ ನಿಜಲಿಂಗಪ್ಪ ವೈದ್ಯಕೀಯ ಮಹಾವಿದ್ಯಾಲಯದ ಶಿವಾಲಯದ ಆವರಣದಲ್ಲಿ, ಕೇರಳದ ಸಾಂಪ್ರದಾಯಿಕ ಓಣಂ ಹಬ್ಬದ ಆಚರಣೆಗೆ ಜ್ಯೋತಿ ಬೆಳಗಿಸುವ ಮೂಲಕ ಕಾರ್ಯಾಧ್ಯಕ್ಷ ವೀರಣ್ಣ ಚರಂತಿಮಠ ಚಾಲನೆ ನೀಡಿದರು. ಈ ವೇಳೆ ಮಾತನಾಡಿದ ಅವರು, ಓಣಂ ಕೇರಳದಲ್ಲಿ ವಿಜೃಂಭಣೆಯಿಂದ ಆಚರಿಸಲಾಗುವ ಸಾಂಪ್ರದಾಯಿಕ ಸುಗ್ಗಿ ಹಬ್ಬ. ಸಂಘದ ವಿವಿಧ ನರ್ಸಿಂಗ್ ಕಾಲೇಜುಗಳಲ್ಲಿ ಕೇರಳದ ವಿದ್ಯಾರ್ಥಿಗಳು ವ್ಯಾಸಂಗ ಮಾಡುತ್ತಿದ್ದಾರೆ. ಸಮಯದ ಅಭಾವದಿಂದ ಹಬ್ಬದ ಸಂದರ್ಭದಲ್ಲಿ ವಿದ್ಯಾರ್ಥಿಗಳಿಗೆ ಕೇರಳಕ್ಕೆ ತೆರಳಲು ಸಾಧ್ಯವಾಗದ ಹಿನ್ನೆಲೆ ಬಾಗಲಕೋಟೆಯಲ್ಲಿಯೇ ಆಯೋಜಿಸಿ ಓಣಂ ಆಚರಿಸಲು ವ್ಯವಸ್ಥೆ ಮಾಡಲಾಗಿದೆ ಎಂದರು. ಇಂತಹ ಆಚರಣೆಗಳ ಮೂಲಕ ಕರ್ನಾಟಕದ ವಿದ್ಯಾರ್ಥಿಗಳಿಗೆ ಅನ್ಯ ರಾಜ್ಯಗಳ ಸಂಪ್ರದಾಯ ಹಾಗೂ ಸಂಸ್ಕೃತಿಯ ಪರಿಚಯವಾಗುತ್ತದೆ. ಅದೇ ರೀತಿ ಕರ್ನಾಟಕದ ಹಬ್ಬಗಳು ಹಾಗೂ ರಾಜ್ಯೋತ್ಸವದಂತಹ ಕಾರ್ಯಕ್ರಮಗಳ ಮೂಲಕ ಅನ್ಯಭಾಷಿಕ ವಿದ್ಯಾರ್ಥಿಗಳಿಗೆ ಕನ್ನಡ ನಾಡಿನ ಸಂಸ್ಕೃತಿ ಮತ್ತು ಪೈತೃತ್ವವನ್ನು ಪರಿಚಯಿಸಲು ಸಾಧ್ಯವಾಗುತ್ತದೆ ಎಂದು ಹೇಳಿದರು. ಓಣಂ ಆಚರಣೆಯ ಸ್ವಾಗತಕ್ಕೆ ಕೇರಳದ ಪಾರಂಪರಿಕ ವಾದ್ಯಮೇಳ ಚೆಂಡಮೇಳದ ನಾದ ನಿನಾದವೇ ನುಡಿಸಲಾಯಿತು. ಸಲ್ಲಾ ಪುಷ್ಟಿಗಳ ನರ್ಸಿಂಗ್ ಕಾಲೇಜಿನ ವಿದ್ಯಾರ್ಥಿನಿಯರು ಸಾಂಪ್ರದಾಯಿಕ ಉಡುಗೆ ತೊಟ್ಟು ಓಣಂ ನೃತ್ಯವಾದ ತಿರುವಾದಿರ ಸಾಮೂಹಿಕ ನೃತ್ಯ ಪ್ರದರ್ಶಿಸಿದರು. ಮಹಾಬಲಿ ಹಾಗೂ ಮೋಹಿನಿ ಆಟ್ಟಮ್, ಚೆಂಡಮೇಳ, ನೃತ್ಯ ಪ್ರದರ್ಶನಗಳು ವಿಶೇಷ ಆಕರ್ಷಣೆಯಾಗಿದ್ದವು.
